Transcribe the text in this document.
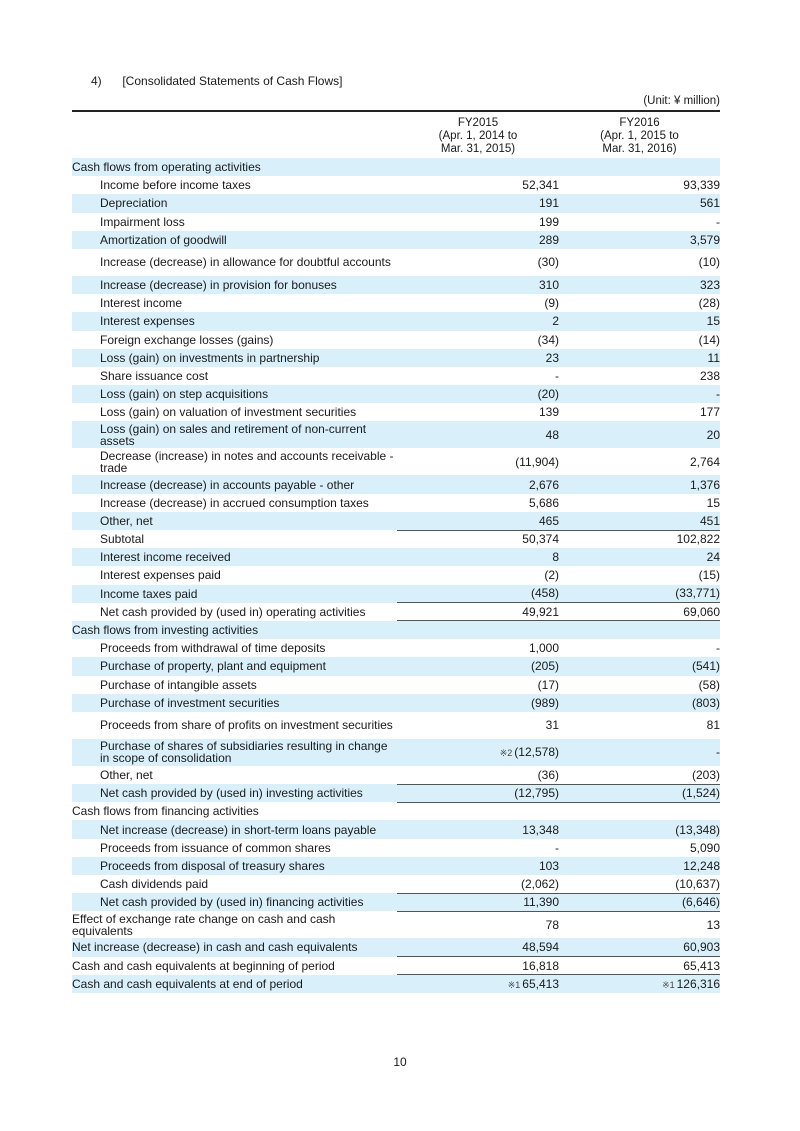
4) [Consolidated Statements of Cash Flows]
(Unit: ¥ million)

	FY2015
(Apr. 1, 2014 to
Mar. 31, 2015)	FY2016
(Apr. 1, 2015 to
Mar. 31, 2016)

Cash flows from operating activities		
Income before income taxes	52,341	93,339
Depreciation	191	561
Impairment loss	199	-
Amortization of goodwill	289	3,579
Increase (decrease) in allowance for doubtful accounts	(30)	(10)
Increase (decrease) in provision for bonuses	310	323
Interest income	(9)	(28)
Interest expenses	2	15
Foreign exchange losses (gains)	(34)	(14)
Loss (gain) on investments in partnership	23	11
Share issuance cost	-	238
Loss (gain) on step acquisitions	(20)	-
Loss (gain) on valuation of investment securities	139	177
Loss (gain) on sales and retirement of non-current assets	48	20
Decrease (increase) in notes and accounts receivable - trade	(11,904)	2,764
Increase (decrease) in accounts payable - other	2,676	1,376
Increase (decrease) in accrued consumption taxes	5,686	15
Other, net	465	451
Subtotal	50,374	102,822
Interest income received	8	24
Interest expenses paid	(2)	(15)
Income taxes paid	(458)	(33,771)
Net cash provided by (used in) operating activities	49,921	69,060
Cash flows from investing activities		
Proceeds from withdrawal of time deposits	1,000	-
Purchase of property, plant and equipment	(205)	(541)
Purchase of intangible assets	(17)	(58)
Purchase of investment securities	(989)	(803)
Proceeds from share of profits on investment securities	31	81
Purchase of shares of subsidiaries resulting in change in scope of consolidation	※2 (12,578)	-
Other, net	(36)	(203)
Net cash provided by (used in) investing activities	(12,795)	(1,524)
Cash flows from financing activities		
Net increase (decrease) in short-term loans payable	13,348	(13,348)
Proceeds from issuance of common shares	-	5,090
Proceeds from disposal of treasury shares	103	12,248
Cash dividends paid	(2,062)	(10,637)
Net cash provided by (used in) financing activities	11,390	(6,646)
Effect of exchange rate change on cash and cash equivalents	78	13
Net increase (decrease) in cash and cash equivalents	48,594	60,903
Cash and cash equivalents at beginning of period	16,818	65,413
Cash and cash equivalents at end of period	※1 65,413	※1 126,316
10
